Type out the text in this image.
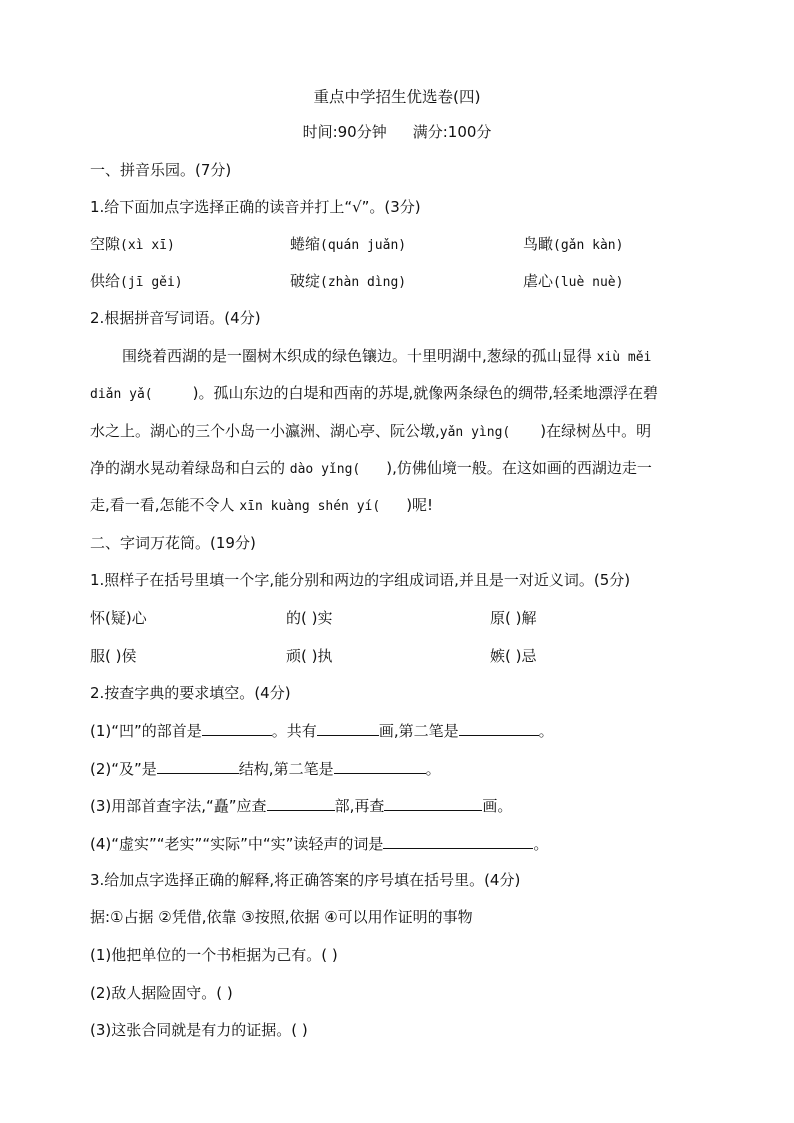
重点中学招生优选卷(四)
时间:90分钟 满分:100分
一、拼音乐园。(7分)
1.给下面加点字选择正确的读音并打上“√”。(3分)
空隙(xì xī)	蜷缩(quán juǎn)	鸟瞰(gǎn kàn)
供给(jī gěi)	破绽(zhàn dìng)	虐心(luè nuè)
2.根据拼音写词语。(4分)
围绕着西湖的是一圈树木织成的绿色镶边。十里明湖中,葱绿的孤山显得 xiù měi
diǎn yǎ(	)。孤山东边的白堤和西南的苏堤,就像两条绿色的绸带,轻柔地漂浮在碧
水之上。湖心的三个小岛一小瀛洲、湖心亭、阮公墩,yǎn yìng( )在绿树丛中。明
净的湖水晃动着绿岛和白云的 dào yǐng( ),仿佛仙境一般。在这如画的西湖边走一
走,看一看,怎能不令人 xīn kuàng shén yí( )呢!
二、字词万花筒。(19分)
1.照样子在括号里填一个字,能分别和两边的字组成词语,并且是一对近义词。(5分)
怀(疑)心	的( )实	原( )解
服( )侯	顽( )执	嫉( )忌
2.按查字典的要求填空。(4分)
(1)“凹”的部首是	。共有	画,第二笔是	。
(2)“及”是	结构,第二笔是	。
(3)用部首查字法,“矗”应查	部,再查	画。
(4)“虚实”“老实”“实际”中“实”读轻声的词是	。
3.给加点字选择正确的解释,将正确答案的序号填在括号里。(4分)
据:①占据 ②凭借,依靠 ③按照,依据 ④可以用作证明的事物
(1)他把单位的一个书柜据为己有。( )
(2)敌人据险固守。( )
(3)这张合同就是有力的证据。( )
